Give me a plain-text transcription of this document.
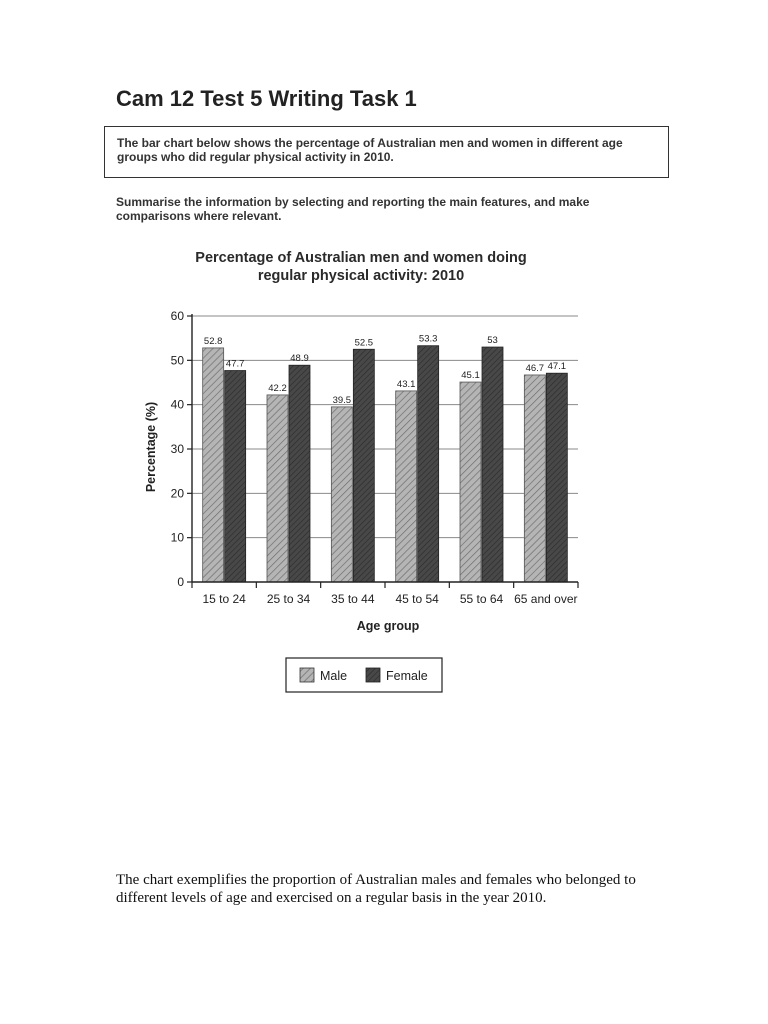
Cam 12 Test 5 Writing Task 1
The bar chart below shows the percentage of Australian men and women in different age groups who did regular physical activity in 2010.
Summarise the information by selecting and reporting the main features, and make comparisons where relevant.
Percentage of Australian men and women doing
regular physical activity: 2010
0
10
20
30
40
50
60
52.8
47.7
15 to 24
42.2
48.9
25 to 34
39.5
52.5
35 to 44
43.1
53.3
45 to 54
45.1
53
55 to 64
46.7 47.1
65 and over
Age group
Percentage (%)
Male	Female
The chart exemplifies the proportion of Australian males and females who belonged to different levels of age and exercised on a regular basis in the year 2010.
